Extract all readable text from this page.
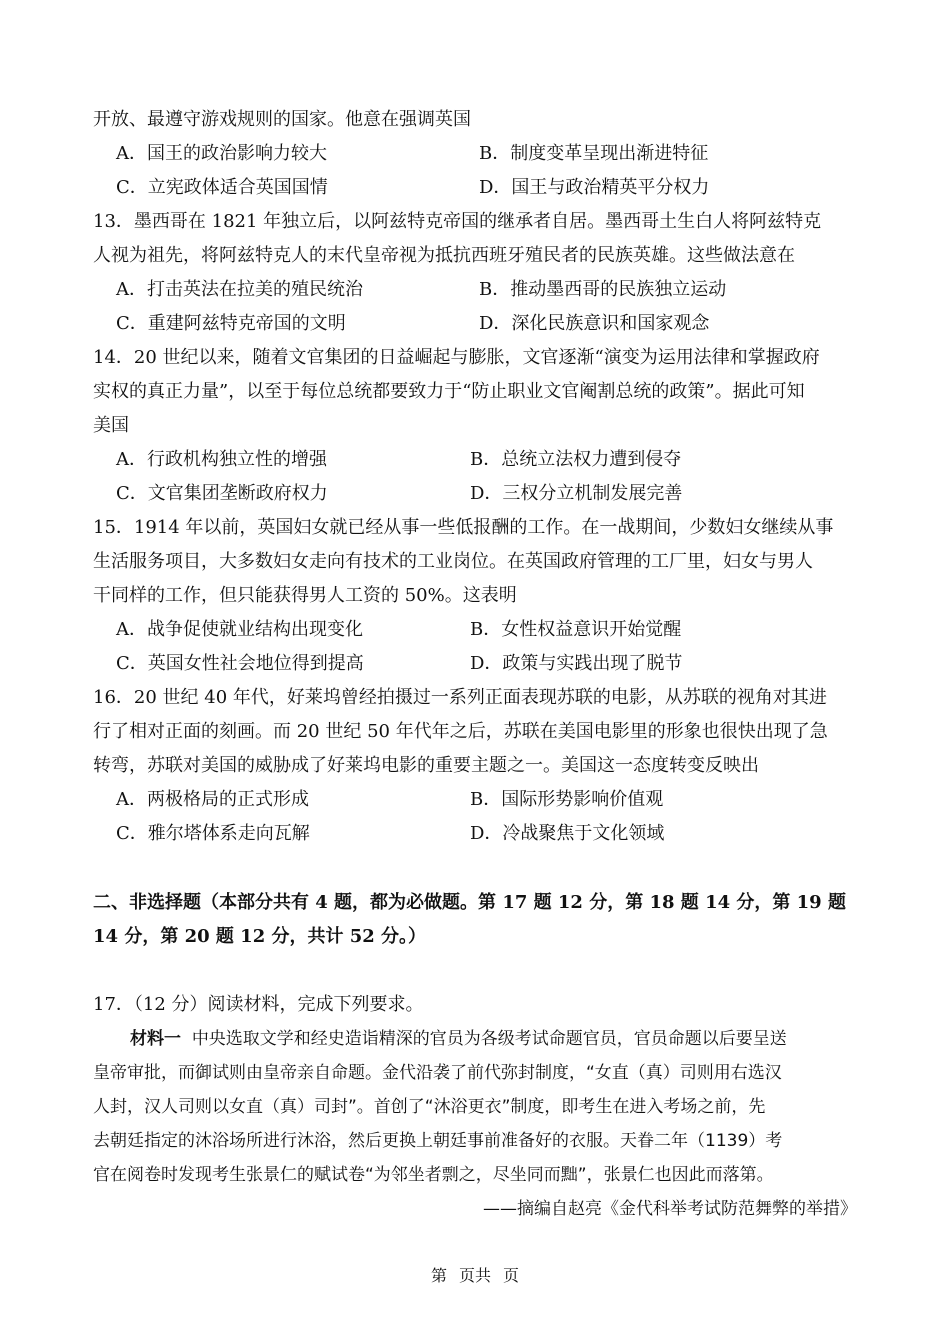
开放、最遵守游戏规则的国家。他意在强调英国
A．国王的政治影响力较大	B．制度变革呈现出渐进特征
C．立宪政体适合英国国情	D．国王与政治精英平分权力
13．墨西哥在 1821 年独立后，以阿兹特克帝国的继承者自居。墨西哥土生白人将阿兹特克
人视为祖先，将阿兹特克人的末代皇帝视为抵抗西班牙殖民者的民族英雄。这些做法意在
A．打击英法在拉美的殖民统治	B．推动墨西哥的民族独立运动
C．重建阿兹特克帝国的文明	D．深化民族意识和国家观念
14．20 世纪以来，随着文官集团的日益崛起与膨胀，文官逐渐“演变为运用法律和掌握政府
实权的真正力量”，以至于每位总统都要致力于“防止职业文官阉割总统的政策”。据此可知
美国
A．行政机构独立性的增强	B．总统立法权力遭到侵夺
C．文官集团垄断政府权力	D．三权分立机制发展完善
15．1914 年以前，英国妇女就已经从事一些低报酬的工作。在一战期间，少数妇女继续从事
生活服务项目，大多数妇女走向有技术的工业岗位。在英国政府管理的工厂里，妇女与男人
干同样的工作，但只能获得男人工资的 50%。这表明
A．战争促使就业结构出现变化	B．女性权益意识开始觉醒
C．英国女性社会地位得到提高	D．政策与实践出现了脱节
16．20 世纪 40 年代，好莱坞曾经拍摄过一系列正面表现苏联的电影，从苏联的视角对其进
行了相对正面的刻画。而 20 世纪 50 年代年之后，苏联在美国电影里的形象也很快出现了急
转弯，苏联对美国的威胁成了好莱坞电影的重要主题之一。美国这一态度转变反映出
A．两极格局的正式形成	B．国际形势影响价值观
C．雅尔塔体系走向瓦解	D．冷战聚焦于文化领域
二、非选择题（本部分共有 4 题，都为必做题。第 17 题 12 分，第 18 题 14 分，第 19 题
14 分，第 20 题 12 分，共计 52 分。）
17．（12 分）阅读材料，完成下列要求。
材料一 中央选取文学和经史造诣精深的官员为各级考试命题官员，官员命题以后要呈送
皇帝审批，而御试则由皇帝亲自命题。金代沿袭了前代弥封制度，“女直（真）司则用右选汉
人封，汉人司则以女直（真）司封”。首创了“沐浴更衣”制度，即考生在进入考场之前，先
去朝廷指定的沐浴场所进行沐浴，然后更换上朝廷事前准备好的衣服。天眷二年（1139）考
官在阅卷时发现考生张景仁的赋试卷“为邻坐者剽之，尽坐同而黜”，张景仁也因此而落第。
——摘编自赵亮《金代科举考试防范舞弊的举措》
第 页共 页
